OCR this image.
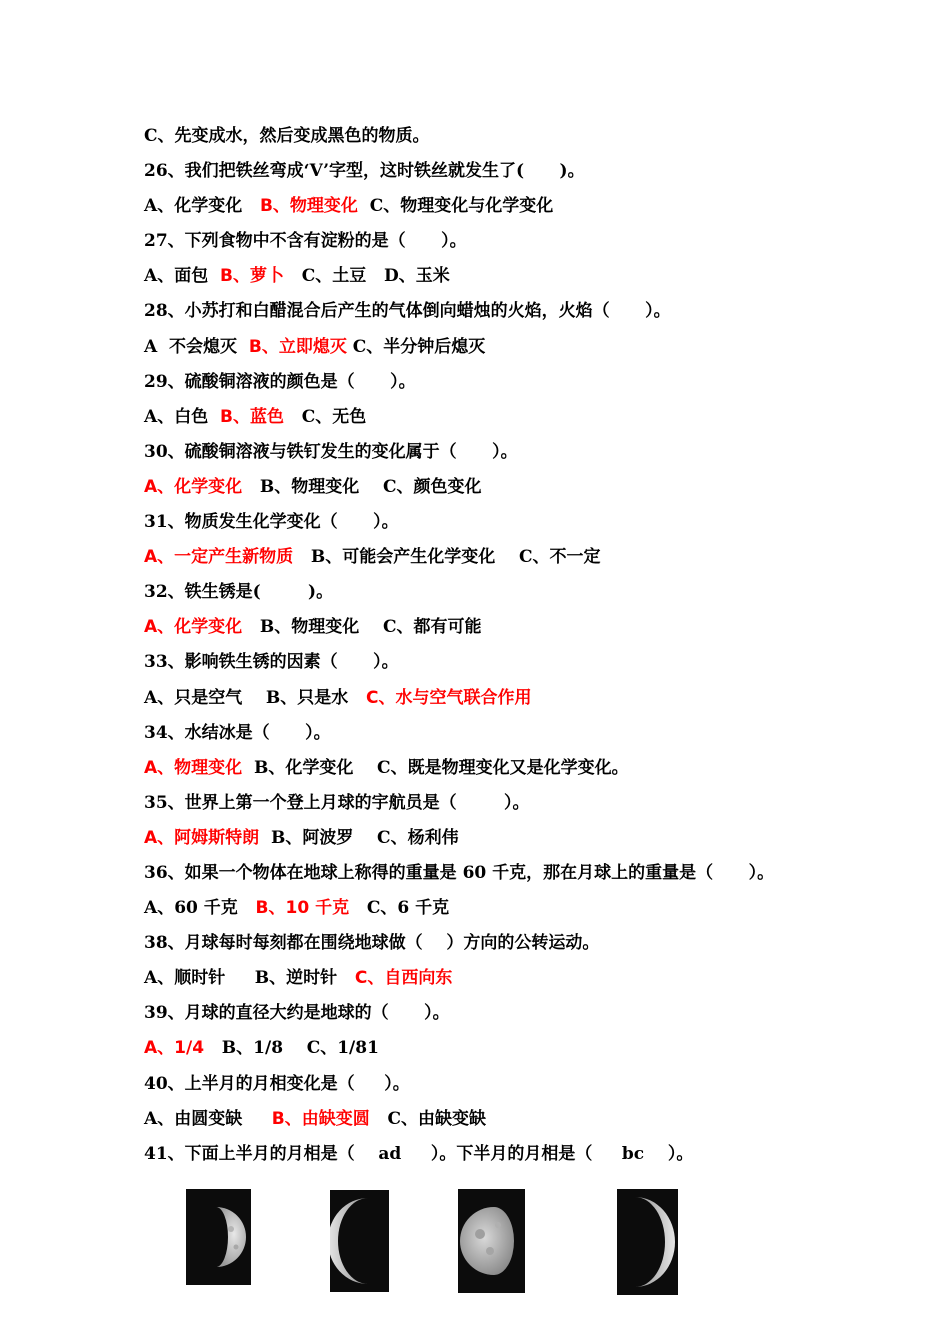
C、先变成水，然后变成黑色的物质。
26、我们把铁丝弯成‘V’字型，这时铁丝就发生了(      )。
A、化学变化   B、物理变化  C、物理变化与化学变化
27、下列食物中不含有淀粉的是（      ）。
A、面包  B、萝卜   C、土豆   D、玉米
28、小苏打和白醋混合后产生的气体倒向蜡烛的火焰，火焰（      ）。
A  不会熄灭  B、立即熄灭 C、半分钟后熄灭
29、硫酸铜溶液的颜色是（      ）。
A、白色  B、蓝色   C、无色
30、硫酸铜溶液与铁钉发生的变化属于（      ）。
A、化学变化   B、物理变化    C、颜色变化
31、物质发生化学变化（      ）。
A、一定产生新物质   B、可能会产生化学变化    C、不一定
32、铁生锈是(        )。
A、化学变化   B、物理变化    C、都有可能
33、影响铁生锈的因素（      ）。
A、只是空气    B、只是水   C、水与空气联合作用
34、水结冰是（      ）。
A、物理变化  B、化学变化    C、既是物理变化又是化学变化。
35、世界上第一个登上月球的宇航员是（        ）。
A、阿姆斯特朗  B、阿波罗    C、杨利伟
36、如果一个物体在地球上称得的重量是 60 千克，那在月球上的重量是（      ）。
A、60 千克   B、10 千克   C、6 千克
38、月球每时每刻都在围绕地球做（    ）方向的公转运动。
A、顺时针     B、逆时针   C、自西向东
39、月球的直径大约是地球的（      ）。
A、1/4   B、1/8    C、1/81
40、上半月的月相变化是（     ）。
A、由圆变缺     B、由缺变圆   C、由缺变缺
41、下面上半月的月相是（    ad     ）。下半月的月相是（     bc    ）。
